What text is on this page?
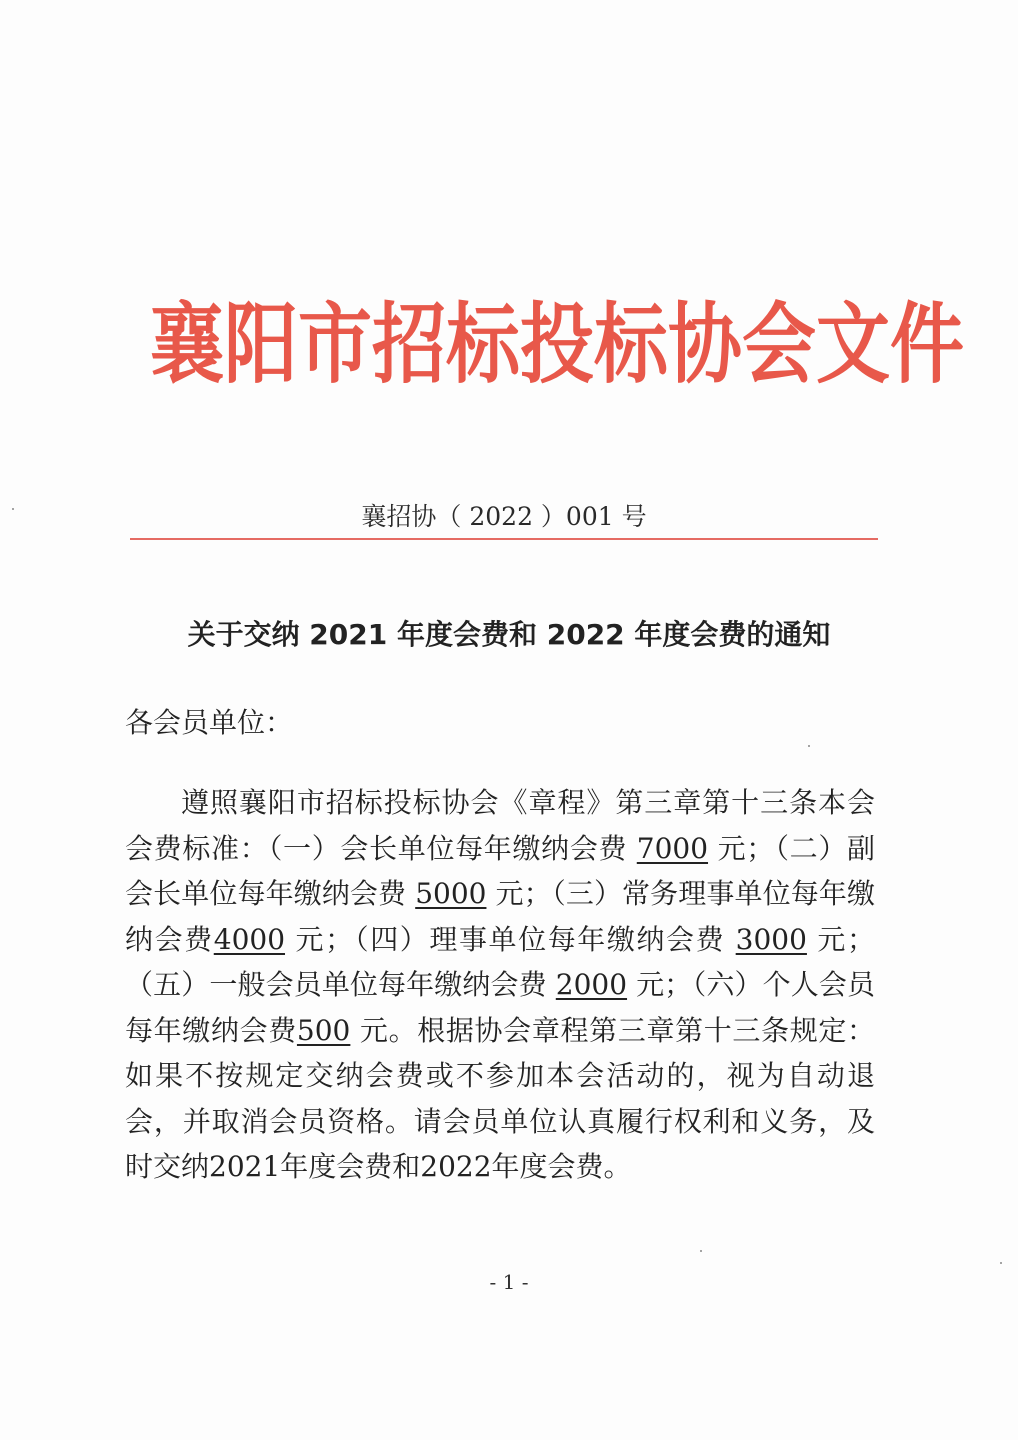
襄阳市招标投标协会文件
襄招协（ 2022 ）001 号
关于交纳 2021 年度会费和 2022 年度会费的通知
各会员单位：
遵照襄阳市招标投标协会《章程》第三章第十三条本会会费标准：（一）会长单位每年缴纳会费 7000 元；（二）副会长单位每年缴纳会费 5000 元；（三）常务理事单位每年缴纳会费4000 元；（四）理事单位每年缴纳会费 3000 元；（五）一般会员单位每年缴纳会费 2000 元；（六）个人会员每年缴纳会费500 元。根据协会章程第三章第十三条规定：如果不按规定交纳会费或不参加本会活动的，视为自动退会，并取消会员资格。请会员单位认真履行权利和义务，及时交纳2021年度会费和2022年度会费。
- 1 -
